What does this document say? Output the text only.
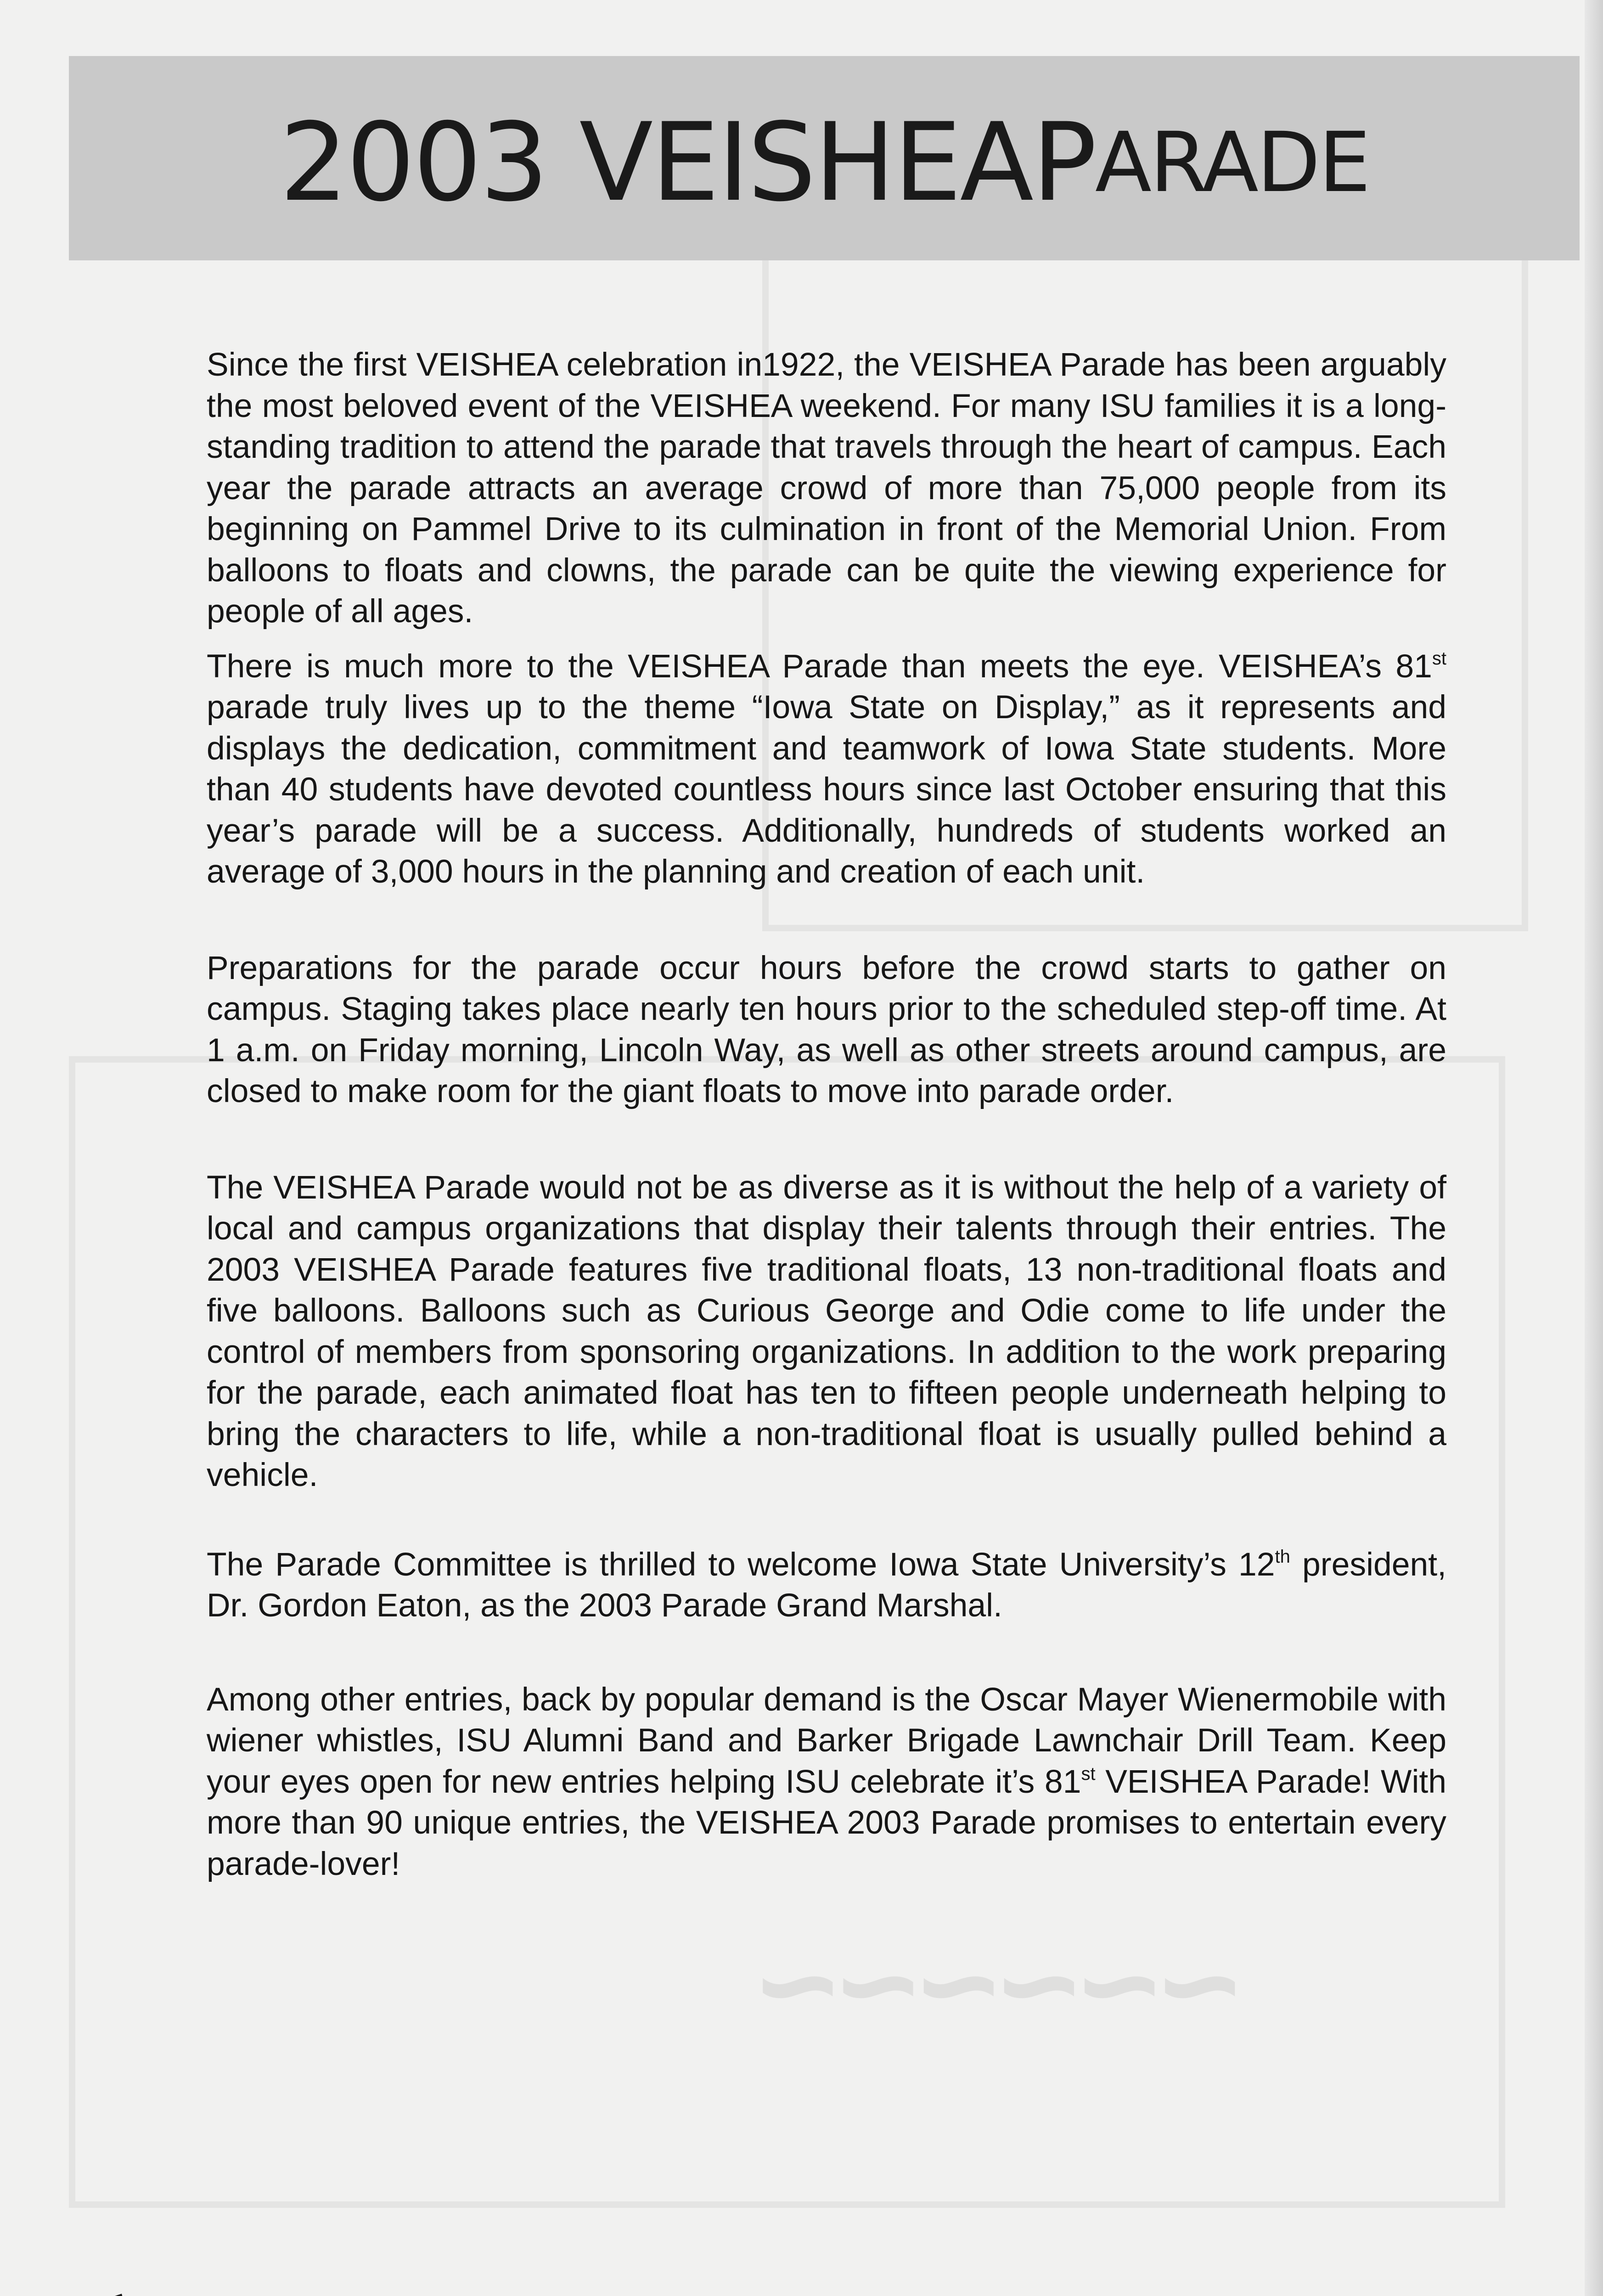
~~~~~~
2003 VEISHEA P ARADE

Since the first VEISHEA celebration in1922, the VEISHEA Parade has been arguably the most beloved event of the VEISHEA weekend. For many ISU families it is a long-standing tradition to attend the parade that travels through the heart of campus. Each year the parade attracts an average crowd of more than 75,000 people from its beginning on Pammel Drive to its culmination in front of the Memorial Union. From balloons to floats and clowns, the parade can be quite the viewing experience for people of all ages.

There is much more to the VEISHEA Parade than meets the eye. VEISHEA’s 81st parade truly lives up to the theme “Iowa State on Display,” as it represents and displays the dedication, commitment and teamwork of Iowa State students. More than 40 students have devoted countless hours since last October ensuring that this year’s parade will be a success. Additionally, hundreds of students worked an average of 3,000 hours in the planning and creation of each unit.

Preparations for the parade occur hours before the crowd starts to gather on campus. Staging takes place nearly ten hours prior to the scheduled step-off time. At 1 a.m. on Friday morning, Lincoln Way, as well as other streets around campus, are closed to make room for the giant floats to move into parade order.

The VEISHEA Parade would not be as diverse as it is without the help of a variety of local and campus organizations that display their talents through their entries. The 2003 VEISHEA Parade features five traditional floats, 13 non-traditional floats and five balloons. Balloons such as Curious George and Odie come to life under the control of members from sponsoring organizations. In addition to the work preparing for the parade, each animated float has ten to fifteen people underneath helping to bring the characters to life, while a non-traditional float is usually pulled behind a vehicle.

The Parade Committee is thrilled to welcome Iowa State University’s 12th president, Dr. Gordon Eaton, as the 2003 Parade Grand Marshal.

Among other entries, back by popular demand is the Oscar Mayer Wienermobile with wiener whistles, ISU Alumni Band and Barker Brigade Lawnchair Drill Team. Keep your eyes open for new entries helping ISU celebrate it’s 81st VEISHEA Parade! With more than 90 unique entries, the VEISHEA 2003 Parade promises to entertain every parade-lover!
